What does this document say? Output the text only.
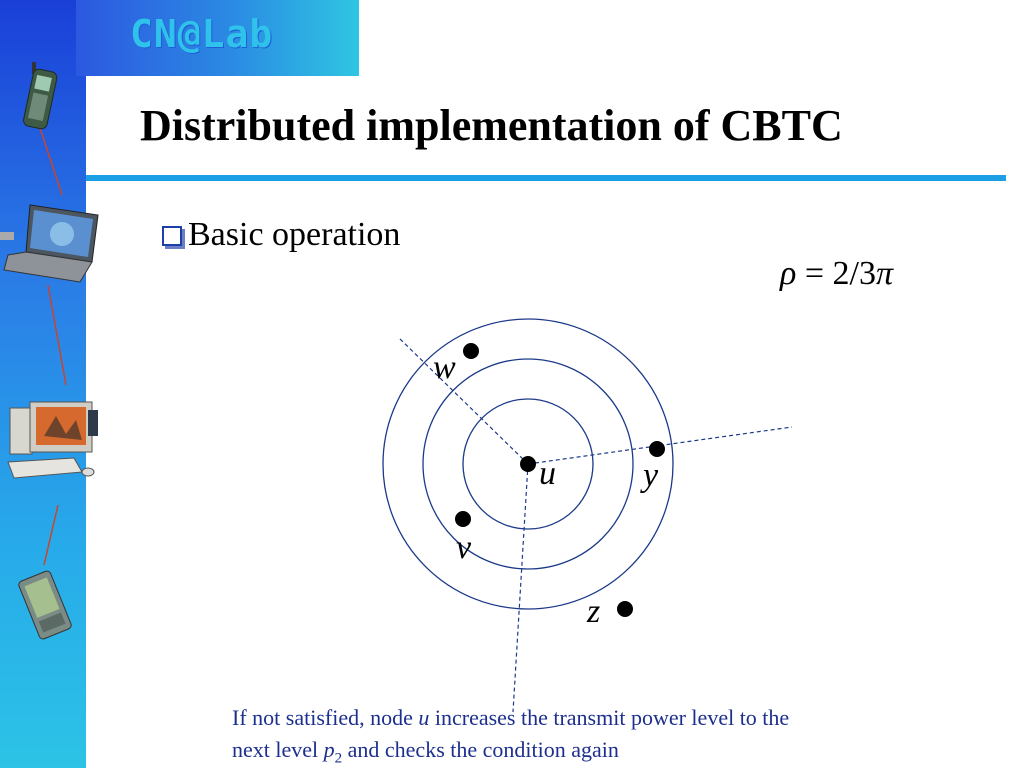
CN@Lab
Distributed implementation of CBTC
Basic operation
ρ = 2/3π
w
u	y
v
z
If not satisfied, node u increases the transmit power level to the
next level $p_2$ and checks the condition again
